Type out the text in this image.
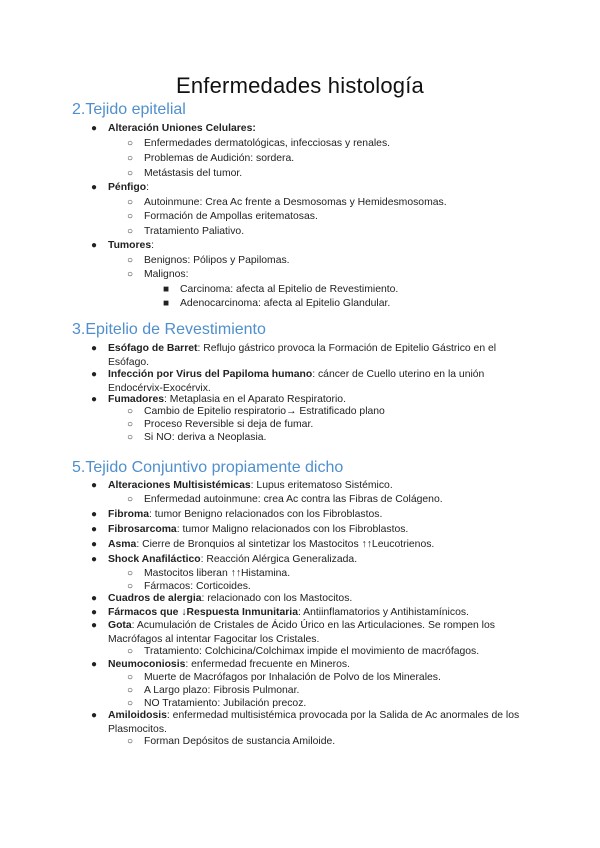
Enfermedades histología
2.Tejido epitelial
● Alteración Uniones Celulares:
○ Enfermedades dermatológicas, infecciosas y renales.
○ Problemas de Audición: sordera.
○ Metástasis del tumor.
● Pénfigo:
○ Autoinmune: Crea Ac frente a Desmosomas y Hemidesmosomas.
○ Formación de Ampollas eritematosas.
○ Tratamiento Paliativo.
● Tumores:
○ Benignos: Pólipos y Papilomas.
○ Malignos:
■ Carcinoma: afecta al Epitelio de Revestimiento.
■ Adenocarcinoma: afecta al Epitelio Glandular.
3.Epitelio de Revestimiento
● Esófago de Barret: Reflujo gástrico provoca la Formación de Epitelio Gástrico en el Esófago.
● Infección por Virus del Papiloma humano: cáncer de Cuello uterino en la unión Endocérvix-Exocérvix.
● Fumadores: Metaplasia en el Aparato Respiratorio.
○ Cambio de Epitelio respiratorio→ Estratificado plano
○ Proceso Reversible si deja de fumar.
○ Si NO: deriva a Neoplasia.
5.Tejido Conjuntivo propiamente dicho
● Alteraciones Multisistémicas: Lupus eritematoso Sistémico.
○ Enfermedad autoinmune: crea Ac contra las Fibras de Colágeno.
● Fibroma: tumor Benigno relacionados con los Fibroblastos.
● Fibrosarcoma: tumor Maligno relacionados con los Fibroblastos.
● Asma: Cierre de Bronquios al sintetizar los Mastocitos ↑↑Leucotrienos.
● Shock Anafiláctico: Reacción Alérgica Generalizada.
○ Mastocitos liberan ↑↑Histamina.
○ Fármacos: Corticoides.
● Cuadros de alergia: relacionado con los Mastocitos.
● Fármacos que ↓Respuesta Inmunitaria: Antiinflamatorios y Antihistamínicos.
● Gota: Acumulación de Cristales de Ácido Úrico en las Articulaciones. Se rompen los Macrófagos al intentar Fagocitar los Cristales.
○ Tratamiento: Colchicina/Colchimax impide el movimiento de macrófagos.
● Neumoconiosis: enfermedad frecuente en Mineros.
○ Muerte de Macrófagos por Inhalación de Polvo de los Minerales.
○ A Largo plazo: Fibrosis Pulmonar.
○ NO Tratamiento: Jubilación precoz.
● Amiloidosis: enfermedad multisistémica provocada por la Salida de Ac anormales de los Plasmocitos.
○ Forman Depósitos de sustancia Amiloide.
